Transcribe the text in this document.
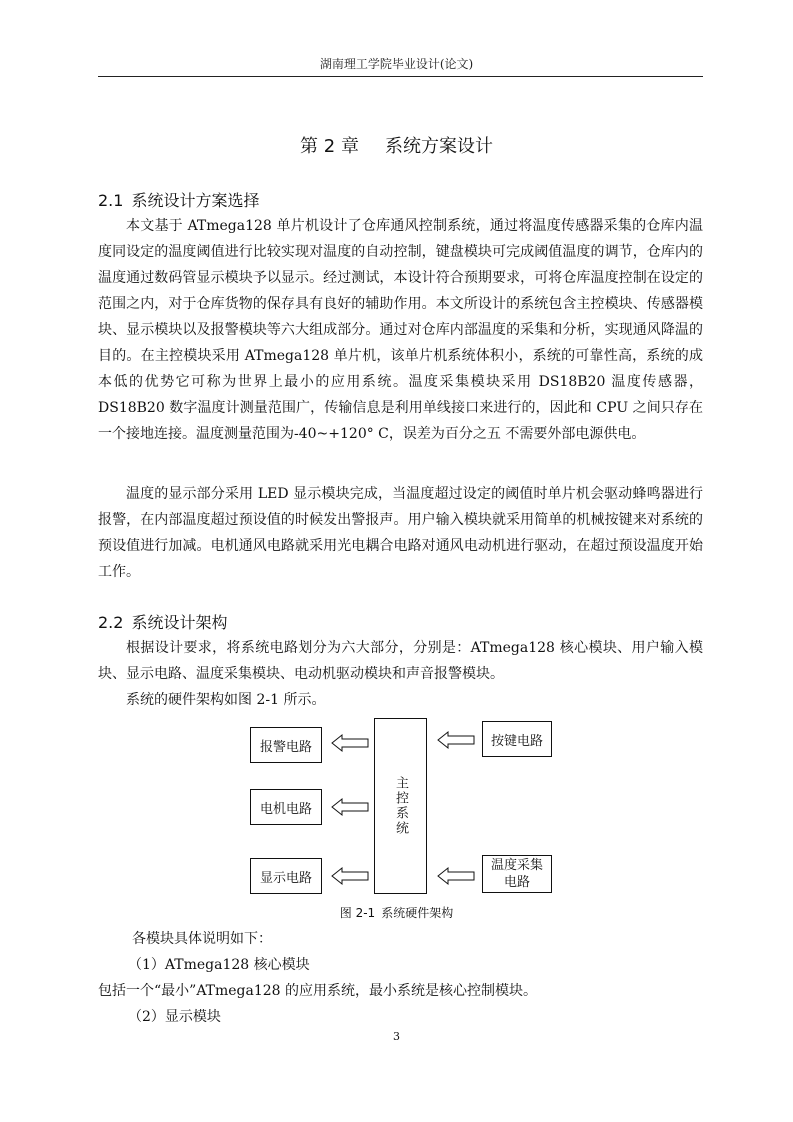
湖南理工学院毕业设计(论文)
第 2 章 系统方案设计
2.1 系统设计方案选择

本文基于 ATmega128 单片机设计了仓库通风控制系统，通过将温度传感器采集的仓库内温度同设定的温度阈值进行比较实现对温度的自动控制，键盘模块可完成阈值温度的调节，仓库内的温度通过数码管显示模块予以显示。经过测试，本设计符合预期要求，可将仓库温度控制在设定的范围之内，对于仓库货物的保存具有良好的辅助作用。本文所设计的系统包含主控模块、传感器模块、显示模块以及报警模块等六大组成部分。通过对仓库内部温度的采集和分析，实现通风降温的目的。在主控模块采用 ATmega128 单片机，该单片机系统体积小，系统的可靠性高，系统的成本低的优势它可称为世界上最小的应用系统。温度采集模块采用 DS18B20 温度传感器，DS18B20 数字温度计测量范围广，传输信息是利用单线接口来进行的，因此和 CPU 之间只存在一个接地连接。温度测量范围为-40~+120° C，误差为百分之五 不需要外部电源供电。

温度的显示部分采用 LED 显示模块完成，当温度超过设定的阈值时单片机会驱动蜂鸣器进行报警，在内部温度超过预设值的时候发出警报声。用户输入模块就采用简单的机械按键来对系统的预设值进行加减。电机通风电路就采用光电耦合电路对通风电动机进行驱动，在超过预设温度开始工作。

2.2 系统设计架构

根据设计要求，将系统电路划分为六大部分，分别是：ATmega128 核心模块、用户输入模块、显示电路、温度采集模块、电动机驱动模块和声音报警模块。

系统的硬件架构如图 2-1 所示。

报警电路
电机电路
显示电路
主控系统
按键电路
温度采集电路
图 2-1 系统硬件架构

各模块具体说明如下：

（1）ATmega128 核心模块

包括一个“最小”ATmega128 的应用系统，最小系统是核心控制模块。

（2）显示模块

3
